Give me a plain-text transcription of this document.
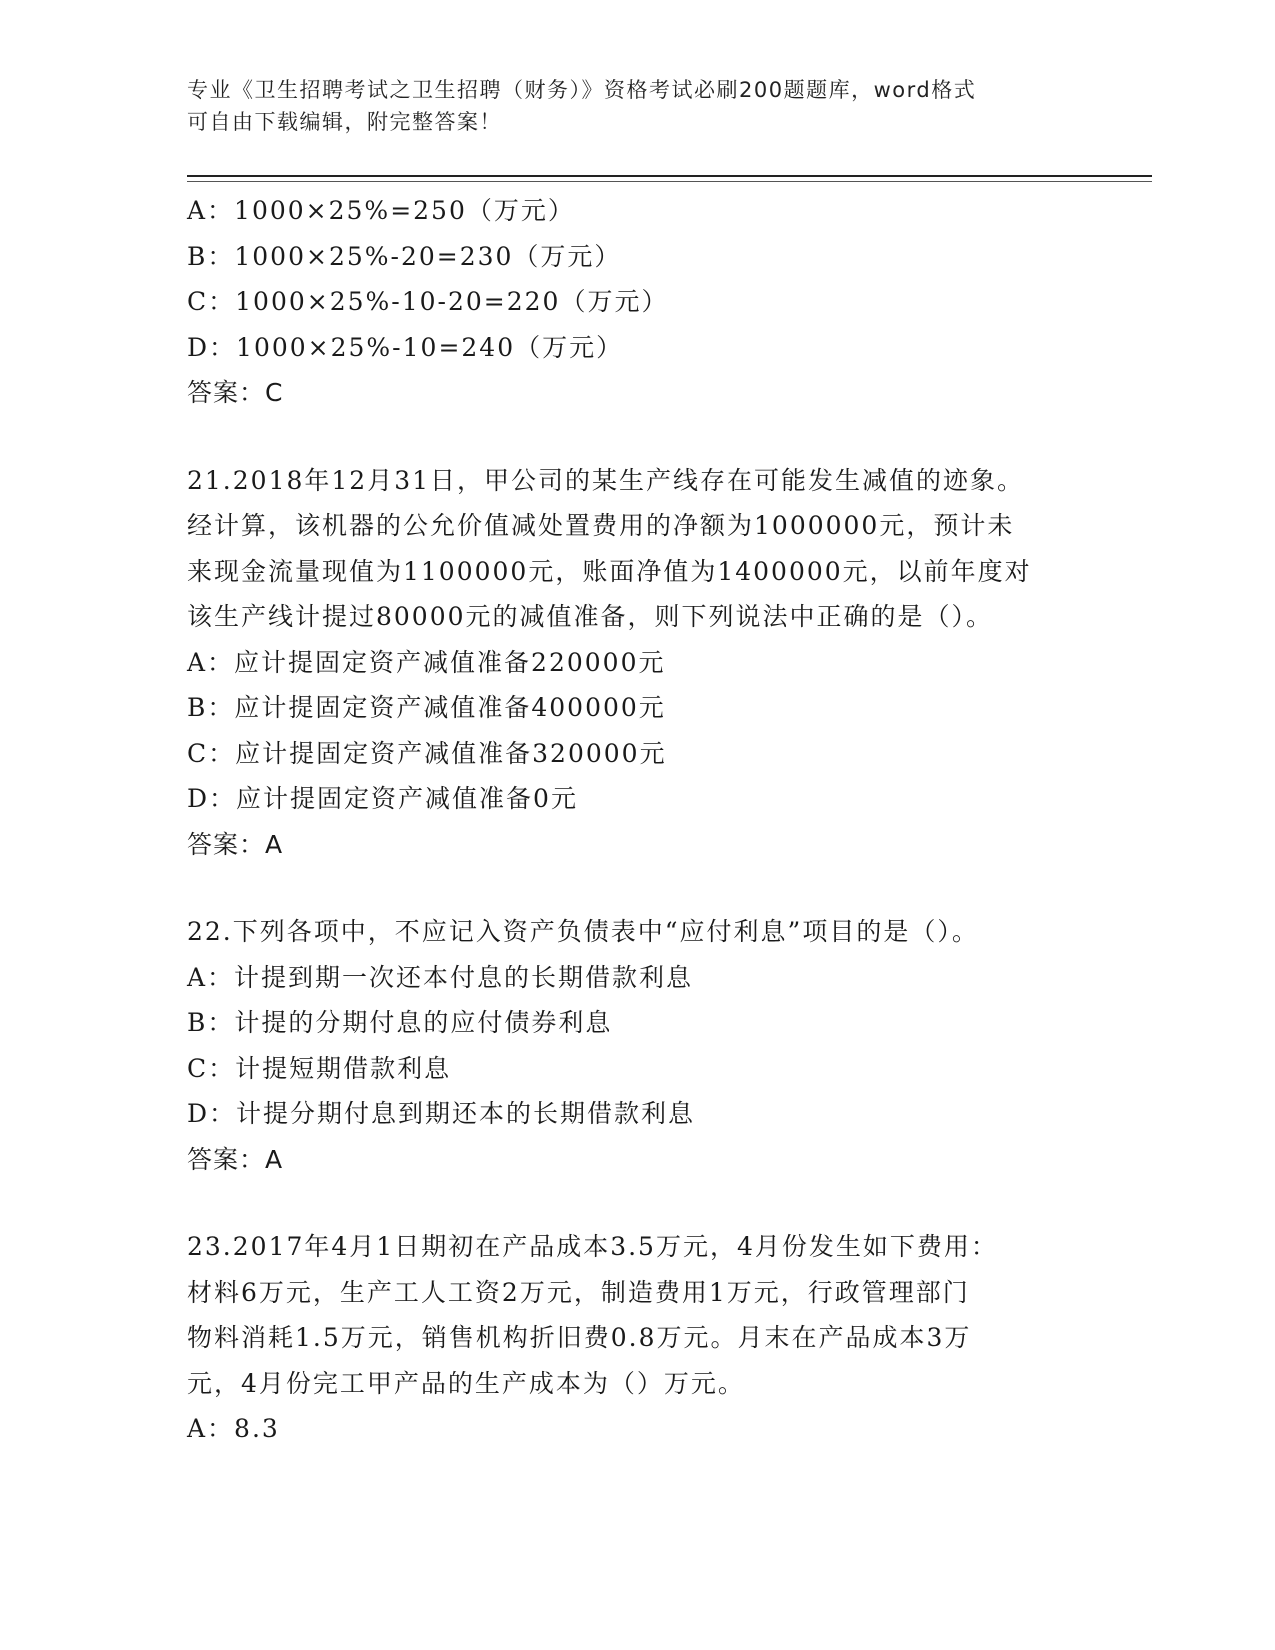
专业《卫生招聘考试之卫生招聘（财务）》资格考试必刷200题题库，word格式
可自由下载编辑，附完整答案！
A：1000×25%=250（万元）
B：1000×25%-20=230（万元）
C：1000×25%-10-20=220（万元）
D：1000×25%-10=240（万元）
答案：C
21.2018年12月31日，甲公司的某生产线存在可能发生减值的迹象。
经计算，该机器的公允价值减处置费用的净额为1000000元，预计未
来现金流量现值为1100000元，账面净值为1400000元，以前年度对
该生产线计提过80000元的减值准备，则下列说法中正确的是（）。
A：应计提固定资产减值准备220000元
B：应计提固定资产减值准备400000元
C：应计提固定资产减值准备320000元
D：应计提固定资产减值准备0元
答案：A
22.下列各项中，不应记入资产负债表中“应付利息”项目的是（）。
A：计提到期一次还本付息的长期借款利息
B：计提的分期付息的应付债券利息
C：计提短期借款利息
D：计提分期付息到期还本的长期借款利息
答案：A
23.2017年4月1日期初在产品成本3.5万元，4月份发生如下费用：
材料6万元，生产工人工资2万元，制造费用1万元，行政管理部门
物料消耗1.5万元，销售机构折旧费0.8万元。月末在产品成本3万
元，4月份完工甲产品的生产成本为（）万元。
A：8.3
